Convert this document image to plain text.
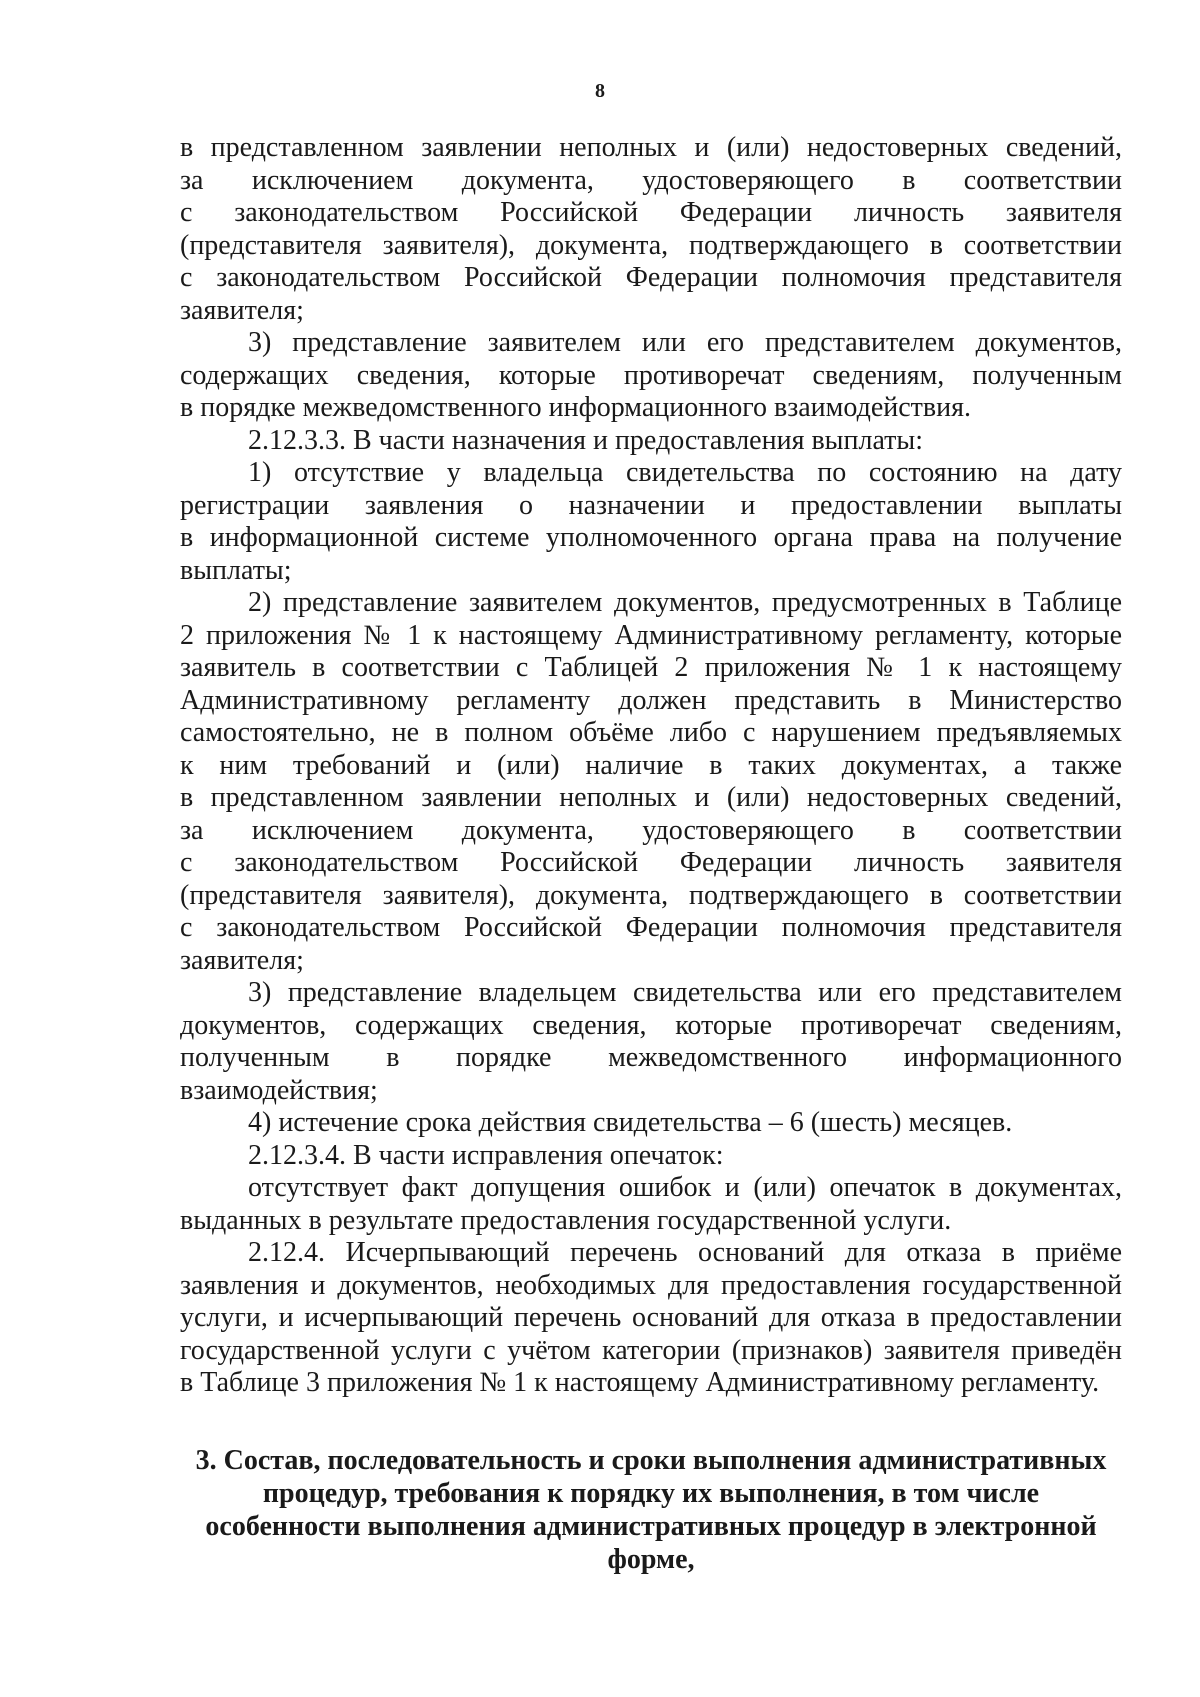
8
в представленном заявлении неполных и (или) недостоверных сведений,
за исключением документа, удостоверяющего в соответствии
с законодательством Российской Федерации личность заявителя
(представителя заявителя), документа, подтверждающего в соответствии
с законодательством Российской Федерации полномочия представителя
заявителя;
3) представление заявителем или его представителем документов,
содержащих сведения, которые противоречат сведениям, полученным
в порядке межведомственного информационного взаимодействия.
2.12.3.3. В части назначения и предоставления выплаты:
1) отсутствие у владельца свидетельства по состоянию на дату
регистрации заявления о назначении и предоставлении выплаты
в информационной системе уполномоченного органа права на получение
выплаты;
2) представление заявителем документов, предусмотренных в Таблице
2 приложения № 1 к настоящему Административному регламенту, которые
заявитель в соответствии с Таблицей 2 приложения № 1 к настоящему
Административному регламенту должен представить в Министерство
самостоятельно, не в полном объёме либо с нарушением предъявляемых
к ним требований и (или) наличие в таких документах, а также
в представленном заявлении неполных и (или) недостоверных сведений,
за исключением документа, удостоверяющего в соответствии
с законодательством Российской Федерации личность заявителя
(представителя заявителя), документа, подтверждающего в соответствии
с законодательством Российской Федерации полномочия представителя
заявителя;
3) представление владельцем свидетельства или его представителем
документов, содержащих сведения, которые противоречат сведениям,
полученным в порядке межведомственного информационного
взаимодействия;
4) истечение срока действия свидетельства – 6 (шесть) месяцев.
2.12.3.4. В части исправления опечаток:
отсутствует факт допущения ошибок и (или) опечаток в документах,
выданных в результате предоставления государственной услуги.
2.12.4. Исчерпывающий перечень оснований для отказа в приёме
заявления и документов, необходимых для предоставления государственной
услуги, и исчерпывающий перечень оснований для отказа в предоставлении
государственной услуги с учётом категории (признаков) заявителя приведён
в Таблице 3 приложения № 1 к настоящему Административному регламенту.
3. Состав, последовательность и сроки выполнения административных
процедур, требования к порядку их выполнения, в том числе
особенности выполнения административных процедур в электронной
форме,
